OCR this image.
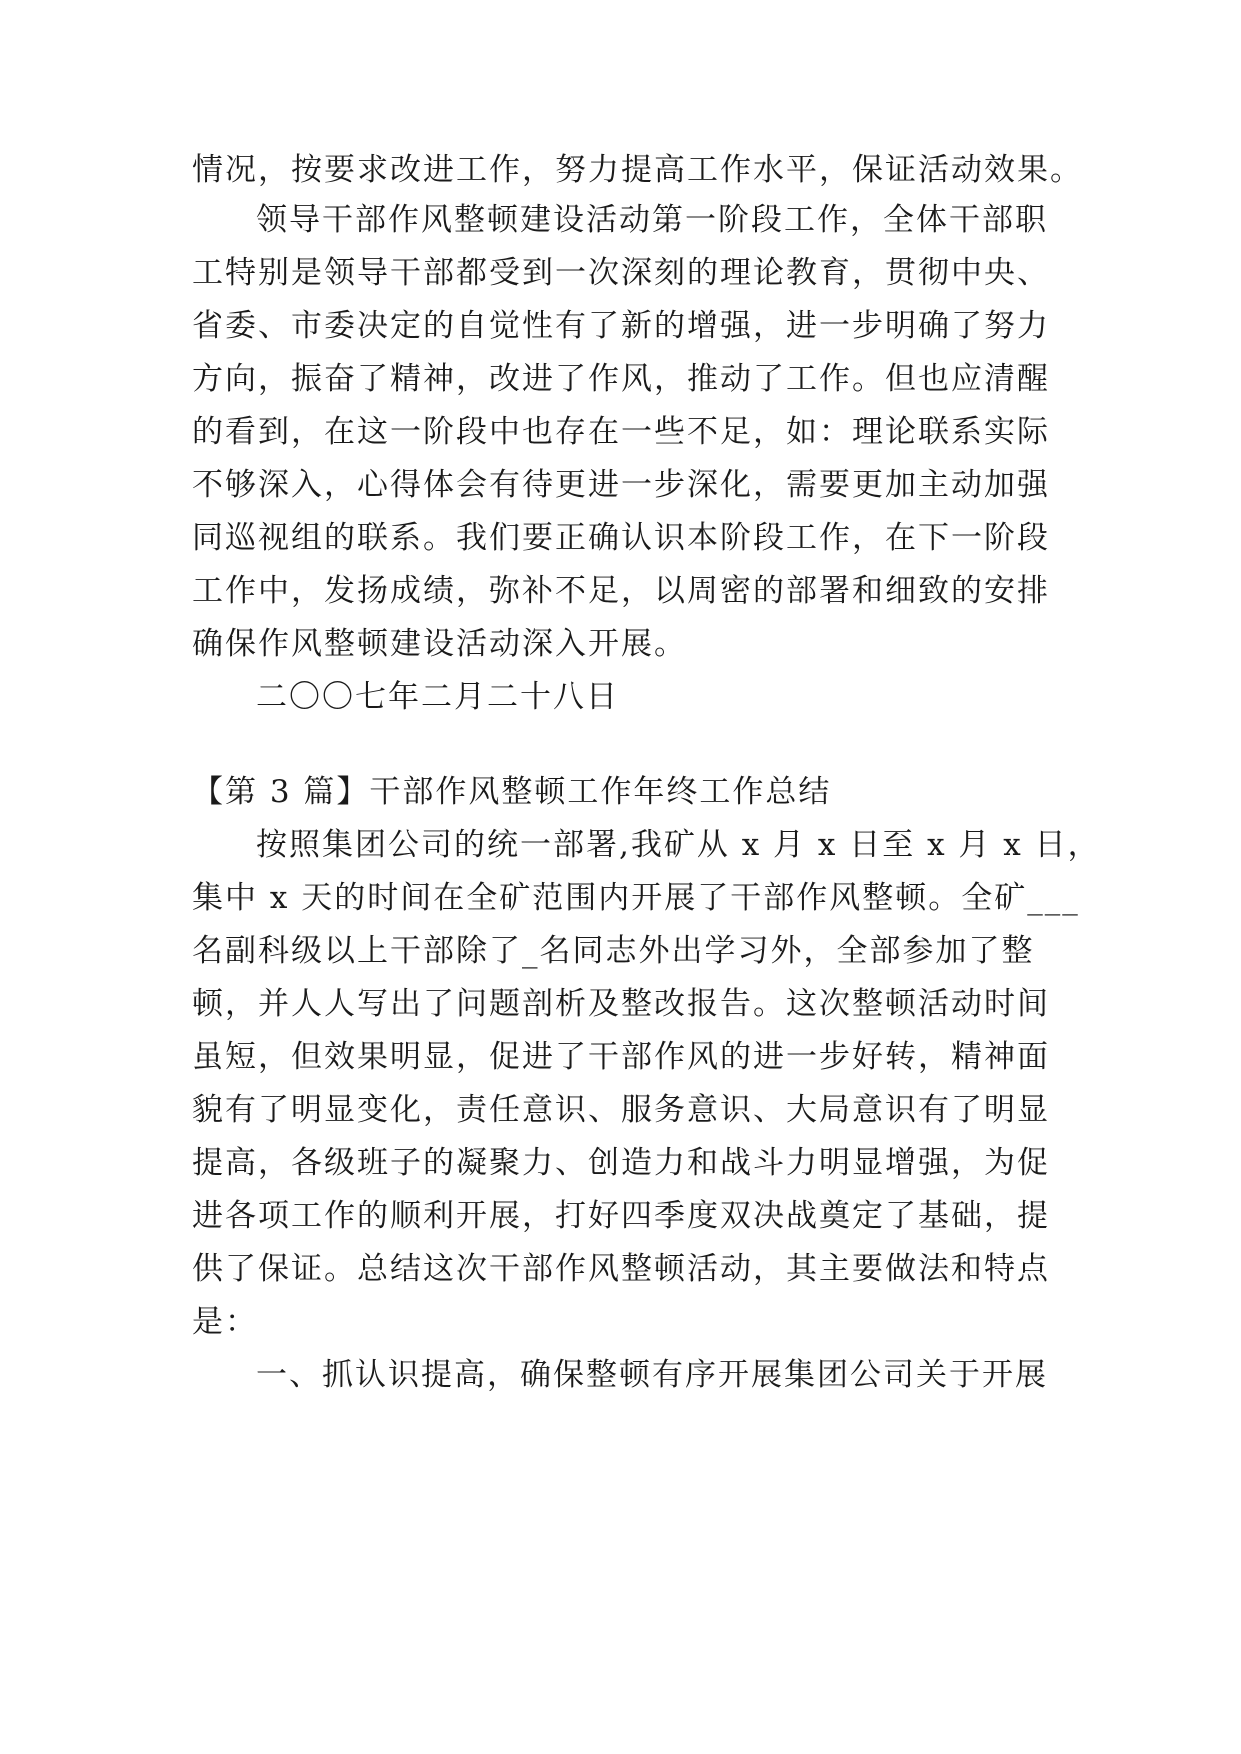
情况，按要求改进工作，努力提高工作水平，保证活动效果。
领导干部作风整顿建设活动第一阶段工作，全体干部职
工特别是领导干部都受到一次深刻的理论教育，贯彻中央、
省委、市委决定的自觉性有了新的增强，进一步明确了努力
方向，振奋了精神，改进了作风，推动了工作。但也应清醒
的看到，在这一阶段中也存在一些不足，如：理论联系实际
不够深入，心得体会有待更进一步深化，需要更加主动加强
同巡视组的联系。我们要正确认识本阶段工作，在下一阶段
工作中，发扬成绩，弥补不足，以周密的部署和细致的安排
确保作风整顿建设活动深入开展。
二〇〇七年二月二十八日
【第 3 篇】干部作风整顿工作年终工作总结
按照集团公司的统一部署,我矿从 x 月 x 日至 x 月 x 日，
集中 x 天的时间在全矿范围内开展了干部作风整顿。全矿___
名副科级以上干部除了_名同志外出学习外，全部参加了整
顿，并人人写出了问题剖析及整改报告。这次整顿活动时间
虽短，但效果明显，促进了干部作风的进一步好转，精神面
貌有了明显变化，责任意识、服务意识、大局意识有了明显
提高，各级班子的凝聚力、创造力和战斗力明显增强，为促
进各项工作的顺利开展，打好四季度双决战奠定了基础，提
供了保证。总结这次干部作风整顿活动，其主要做法和特点
是：
一、抓认识提高，确保整顿有序开展集团公司关于开展
